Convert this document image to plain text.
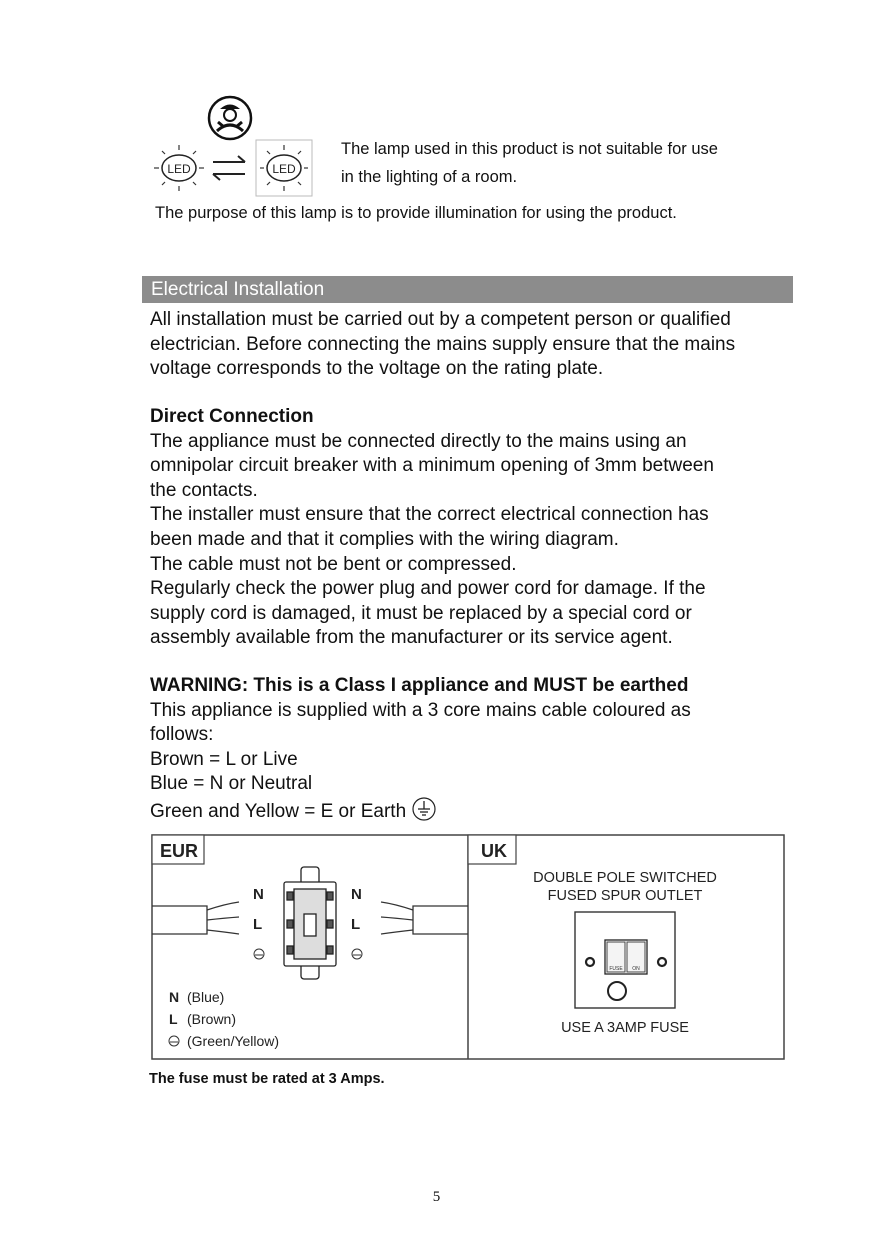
LED	LED
The lamp used in this product is not suitable for use
in the lighting of a room.
The purpose of this lamp is to provide illumination for using the product.
Electrical Installation

All installation must be carried out by a competent person or qualified

electrician. Before connecting the mains supply ensure that the mains

voltage corresponds to the voltage on the rating plate.

Direct Connection

The appliance must be connected directly to the mains using an

omnipolar circuit breaker with a minimum opening of 3mm between

the contacts.

The installer must ensure that the correct electrical connection has

been made and that it complies with the wiring diagram.

The cable must not be bent or compressed.

Regularly check the power plug and power cord for damage. If the

supply cord is damaged, it must be replaced by a special cord or

assembly available from the manufacturer or its service agent.

WARNING: This is a Class I appliance and MUST be earthed

This appliance is supplied with a 3 core mains cable coloured as

follows:

Brown = L or Live

Blue = N or Neutral

Green and Yellow = E or Earth

EUR
N
L
N
L
N (Blue)
L (Brown)
(Green/Yellow)
UK
DOUBLE POLE SWITCHED
FUSED SPUR OUTLET
FUSE ON
USE A 3AMP FUSE
The fuse must be rated at 3 Amps.
5
